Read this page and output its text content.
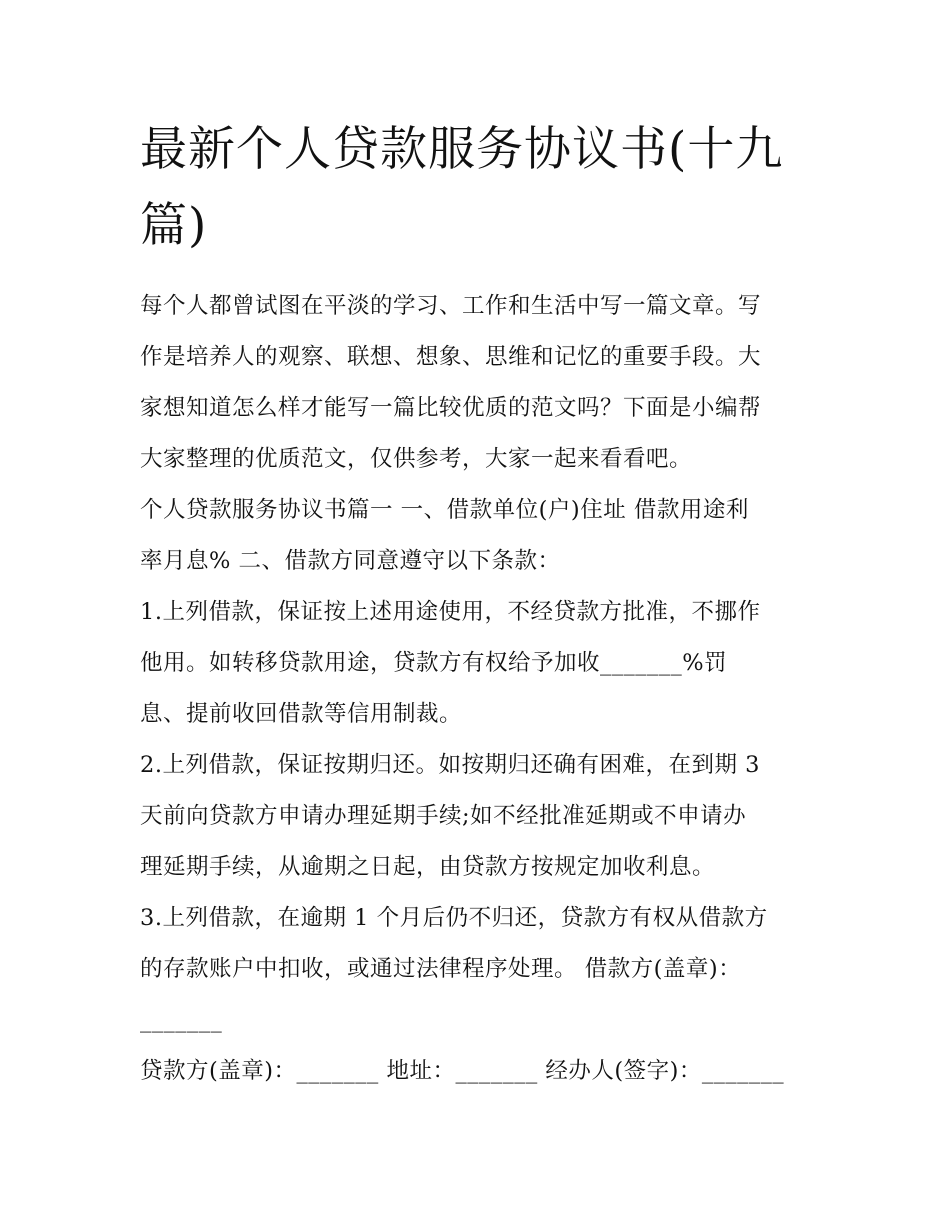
最新个人贷款服务协议书(十九
篇)
每个人都曾试图在平淡的学习、工作和生活中写一篇文章。写
作是培养人的观察、联想、想象、思维和记忆的重要手段。大
家想知道怎么样才能写一篇比较优质的范文吗？下面是小编帮
大家整理的优质范文，仅供参考，大家一起来看看吧。
个人贷款服务协议书篇一 一、借款单位(户)住址 借款用途利
率月息% 二、借款方同意遵守以下条款：
1.上列借款，保证按上述用途使用，不经贷款方批准，不挪作
他用。如转移贷款用途，贷款方有权给予加收_______%罚
息、提前收回借款等信用制裁。
2.上列借款，保证按期归还。如按期归还确有困难，在到期 3
天前向贷款方申请办理延期手续;如不经批准延期或不申请办
理延期手续，从逾期之日起，由贷款方按规定加收利息。
3.上列借款，在逾期 1 个月后仍不归还，贷款方有权从借款方
的存款账户中扣收，或通过法律程序处理。 借款方(盖章)：
_______
贷款方(盖章)：_______ 地址：_______ 经办人(签字)：_______
